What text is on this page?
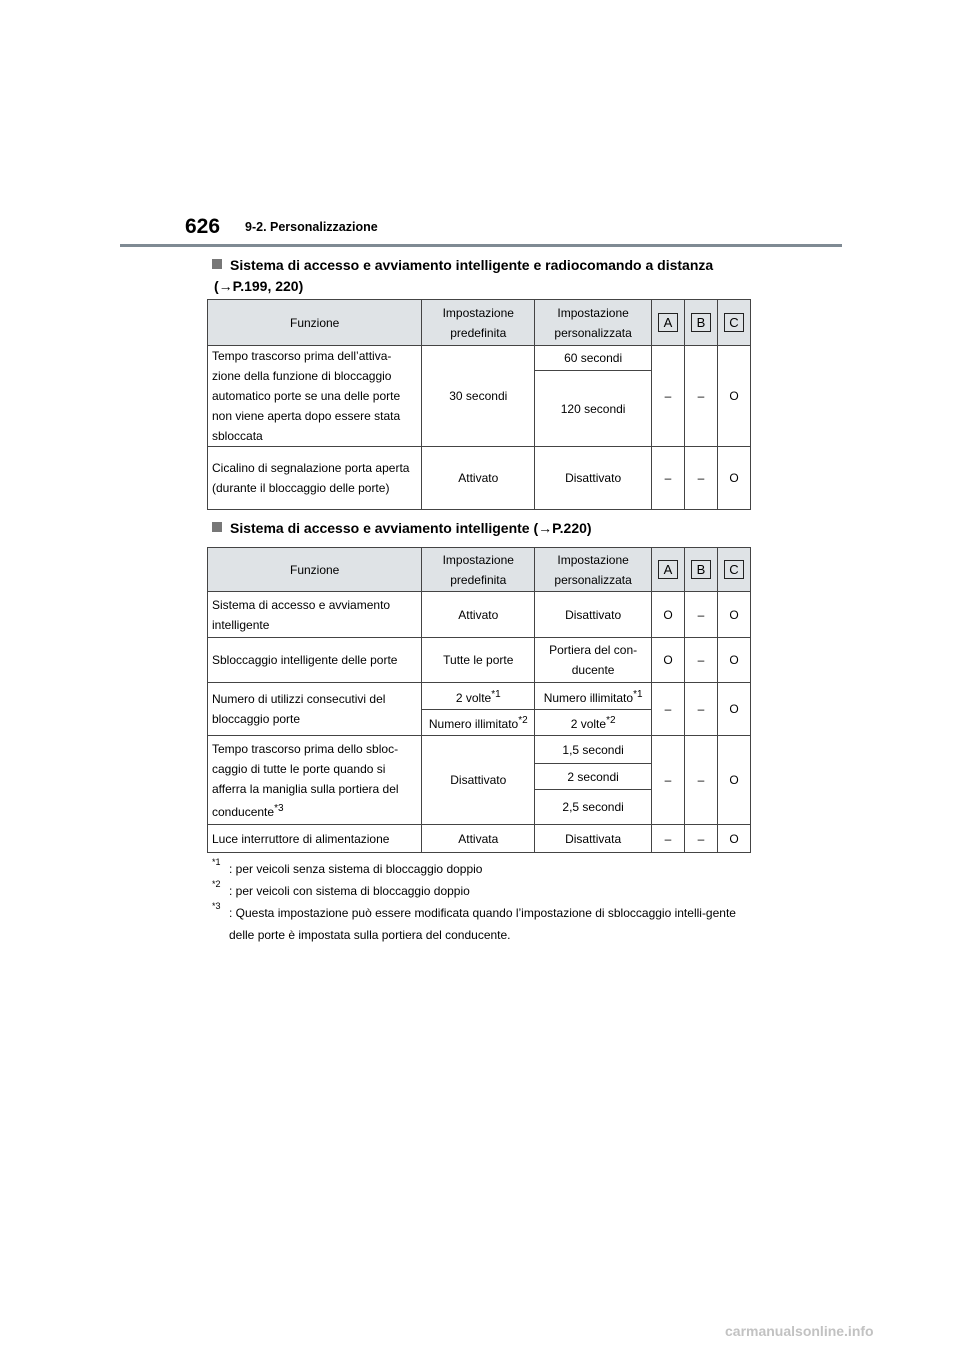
626 9-2. Personalizzazione
Sistema di accesso e avviamento intelligente e radiocomando a distanza
(→P.199, 220)
Funzione	Impostazione predefinita	Impostazione personalizzata	A	B	C
Tempo trascorso prima dell’attiva-zione della funzione di bloccaggio automatico porte se una delle porte non viene aperta dopo essere stata sbloccata	30 secondi	60 secondi	–	–	O
		120 secondi			
Cicalino di segnalazione porta aperta (durante il bloccaggio delle porte)	Attivato	Disattivato	–	–	O
Sistema di accesso e avviamento intelligente (→P.220)
Funzione	Impostazione predefinita	Impostazione personalizzata	A	B	C
Sistema di accesso e avviamento intelligente	Attivato	Disattivato	O	–	O
Sbloccaggio intelligente delle porte	Tutte le porte	Portiera del con-ducente	O	–	O
Numero di utilizzi consecutivi del bloccaggio porte	2 volte$^{*1}$	Numero illimitato$^{*1}$	–	–	O
	Numero illimitato$^{*2}$	2 volte$^{*2}$
Tempo trascorso prima dello sbloc-caggio di tutte le porte quando si afferra la maniglia sulla portiera del conducente$^{*3}$	Disattivato	1,5 secondi	–	–	O
		2 secondi			
		2,5 secondi			
Luce interruttore di alimentazione	Attivata	Disattivata	–	–	O
*1 : per veicoli senza sistema di bloccaggio doppio
*2 : per veicoli con sistema di bloccaggio doppio
*3 : Questa impostazione può essere modificata quando l’impostazione di sbloccaggio intelli-gente delle porte è impostata sulla portiera del conducente.
carmanualsonline.info
